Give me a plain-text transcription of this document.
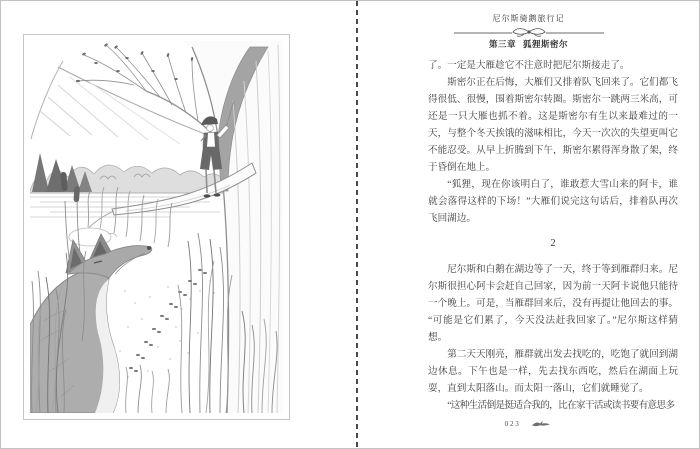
尼尔斯骑鹅旅行记
第三章 狐狸斯密尔

了。一定是大雁趁它不注意时把尼尔斯接走了。

斯密尔正在后悔，大雁们又排着队飞回来了。它们都飞得很低、很慢，围着斯密尔转圈。斯密尔一跳两三米高，可还是一只大雁也抓不着。这是斯密尔有生以来最难过的一天，与整个冬天挨饿的滋味相比，今天一次次的失望更叫它不能忍受。从早上折腾到下午，斯密尔累得浑身散了架，终于昏倒在地上。

“狐狸，现在你该明白了，谁敢惹大雪山来的阿卡，谁就会落得这样的下场！”大雁们说完这句话后，排着队再次飞回湖边。

2

尼尔斯和白鹅在湖边等了一天，终于等到雁群归来。尼尔斯很担心阿卡会赶自己回家，因为前一天阿卡说他只能待一个晚上。可是，当雁群回来后，没有再提让他回去的事。“可能是它们累了，今天没法赶我回家了。”尼尔斯这样猜想。

第二天天刚亮，雁群就出发去找吃的，吃饱了就回到湖边休息。下午也是一样，先去找东西吃，然后在湖面上玩耍，直到太阳落山。而太阳一落山，它们就睡觉了。

“这种生活倒是挺适合我的，比在家干活或读书要有意思多

023
